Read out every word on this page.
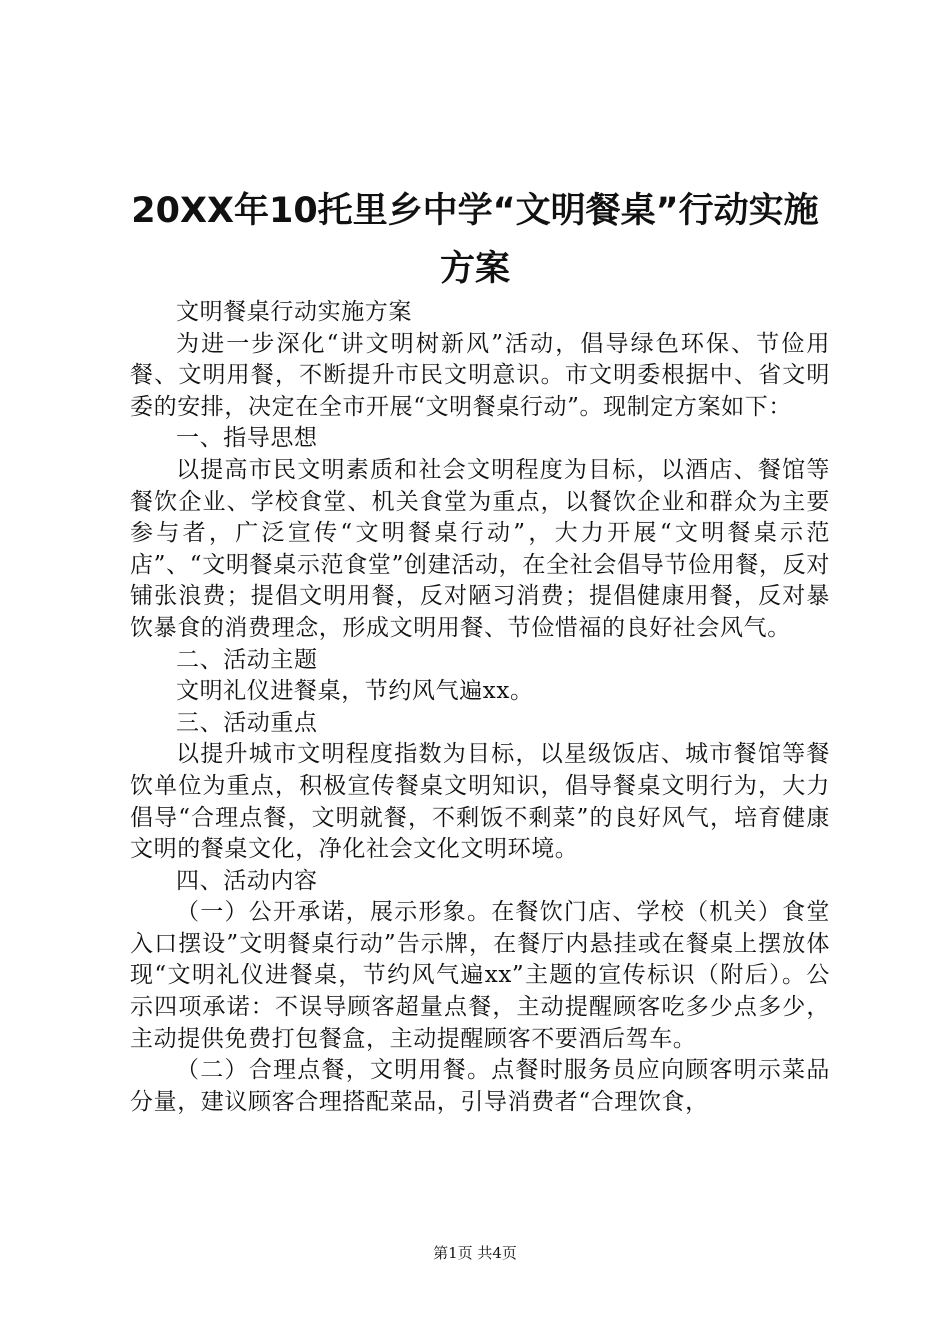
20XX年10托里乡中学“文明餐桌”行动实施
方案

文明餐桌行动实施方案

为进一步深化“讲文明树新风”活动，倡导绿色环保、节俭用餐、文明用餐，不断提升市民文明意识。市文明委根据中、省文明委的安排，决定在全市开展“文明餐桌行动”。现制定方案如下：

一、指导思想

以提高市民文明素质和社会文明程度为目标，以酒店、餐馆等餐饮企业、学校食堂、机关食堂为重点，以餐饮企业和群众为主要参与者，广泛宣传“文明餐桌行动”，大力开展“文明餐桌示范店”、“文明餐桌示范食堂”创建活动，在全社会倡导节俭用餐，反对铺张浪费；提倡文明用餐，反对陋习消费；提倡健康用餐，反对暴饮暴食的消费理念，形成文明用餐、节俭惜福的良好社会风气。

二、活动主题

文明礼仪进餐桌，节约风气遍xx。

三、活动重点

以提升城市文明程度指数为目标，以星级饭店、城市餐馆等餐饮单位为重点，积极宣传餐桌文明知识，倡导餐桌文明行为，大力倡导“合理点餐，文明就餐，不剩饭不剩菜”的良好风气，培育健康文明的餐桌文化，净化社会文化文明环境。

四、活动内容

（一）公开承诺，展示形象。在餐饮门店、学校（机关）食堂入口摆设”文明餐桌行动”告示牌，在餐厅内悬挂或在餐桌上摆放体现“文明礼仪进餐桌，节约风气遍xx”主题的宣传标识（附后）。公示四项承诺：不误导顾客超量点餐，主动提醒顾客吃多少点多少，主动提供免费打包餐盒，主动提醒顾客不要酒后驾车。

（二）合理点餐，文明用餐。点餐时服务员应向顾客明示菜品分量，建议顾客合理搭配菜品，引导消费者“合理饮食，

第1页 共4页
